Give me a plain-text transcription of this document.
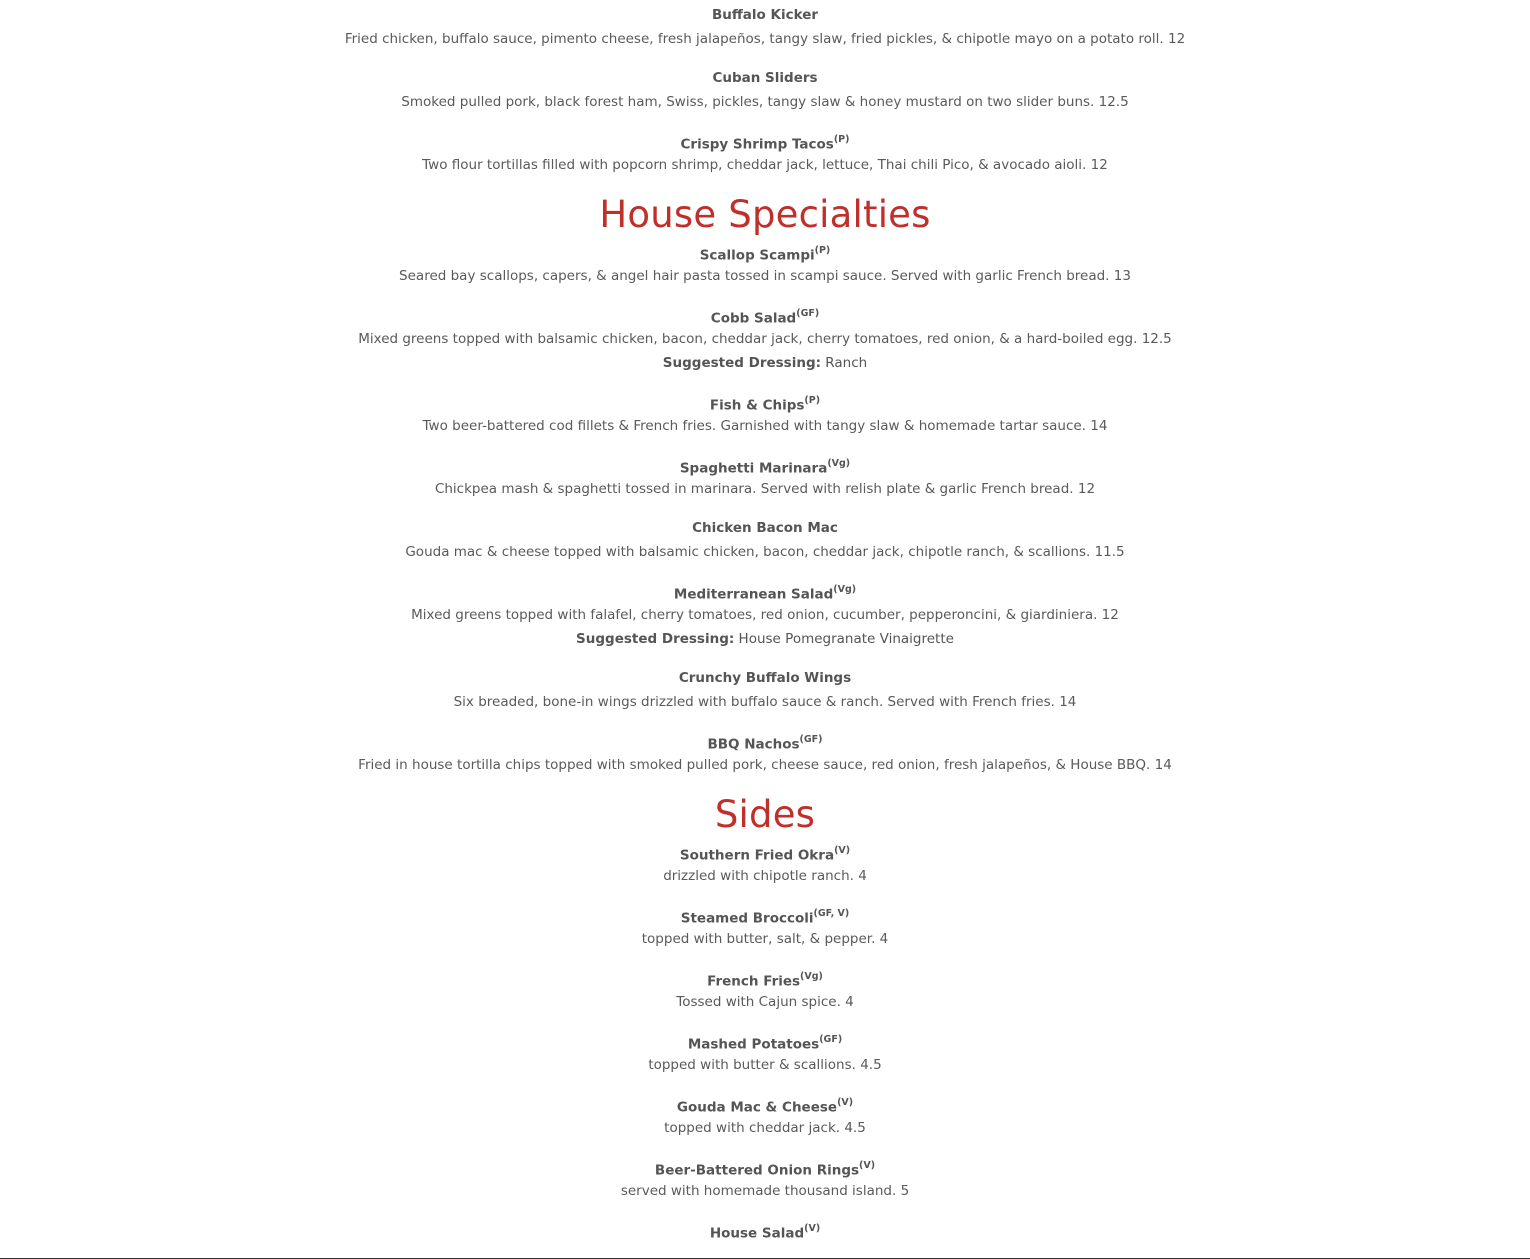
Buffalo Kicker
Fried chicken, buffalo sauce, pimento cheese, fresh jalapeños, tangy slaw, fried pickles, & chipotle mayo on a potato roll. 12
Cuban Sliders
Smoked pulled pork, black forest ham, Swiss, pickles, tangy slaw & honey mustard on two slider buns. 12.5
Crispy Shrimp Tacos$^{(P)}$
Two flour tortillas filled with popcorn shrimp, cheddar jack, lettuce, Thai chili Pico, & avocado aioli. 12
House Specialties
Scallop Scampi$^{(P)}$
Seared bay scallops, capers, & angel hair pasta tossed in scampi sauce. Served with garlic French bread. 13
Cobb Salad$^{(GF)}$
Mixed greens topped with balsamic chicken, bacon, cheddar jack, cherry tomatoes, red onion, & a hard-boiled egg. 12.5
Suggested Dressing: Ranch
Fish & Chips$^{(P)}$
Two beer-battered cod fillets & French fries. Garnished with tangy slaw & homemade tartar sauce. 14
Spaghetti Marinara$^{(Vg)}$
Chickpea mash & spaghetti tossed in marinara. Served with relish plate & garlic French bread. 12
Chicken Bacon Mac
Gouda mac & cheese topped with balsamic chicken, bacon, cheddar jack, chipotle ranch, & scallions. 11.5
Mediterranean Salad$^{(Vg)}$
Mixed greens topped with falafel, cherry tomatoes, red onion, cucumber, pepperoncini, & giardiniera. 12
Suggested Dressing: House Pomegranate Vinaigrette
Crunchy Buffalo Wings
Six breaded, bone-in wings drizzled with buffalo sauce & ranch. Served with French fries. 14
BBQ Nachos$^{(GF)}$
Fried in house tortilla chips topped with smoked pulled pork, cheese sauce, red onion, fresh jalapeños, & House BBQ. 14
Sides
Southern Fried Okra$^{(V)}$
drizzled with chipotle ranch. 4
Steamed Broccoli$^{(GF, V)}$
topped with butter, salt, & pepper. 4
French Fries$^{(Vg)}$
Tossed with Cajun spice. 4
Mashed Potatoes$^{(GF)}$
topped with butter & scallions. 4.5
Gouda Mac & Cheese$^{(V)}$
topped with cheddar jack. 4.5
Beer-Battered Onion Rings$^{(V)}$
served with homemade thousand island. 5
House Salad$^{(V)}$
